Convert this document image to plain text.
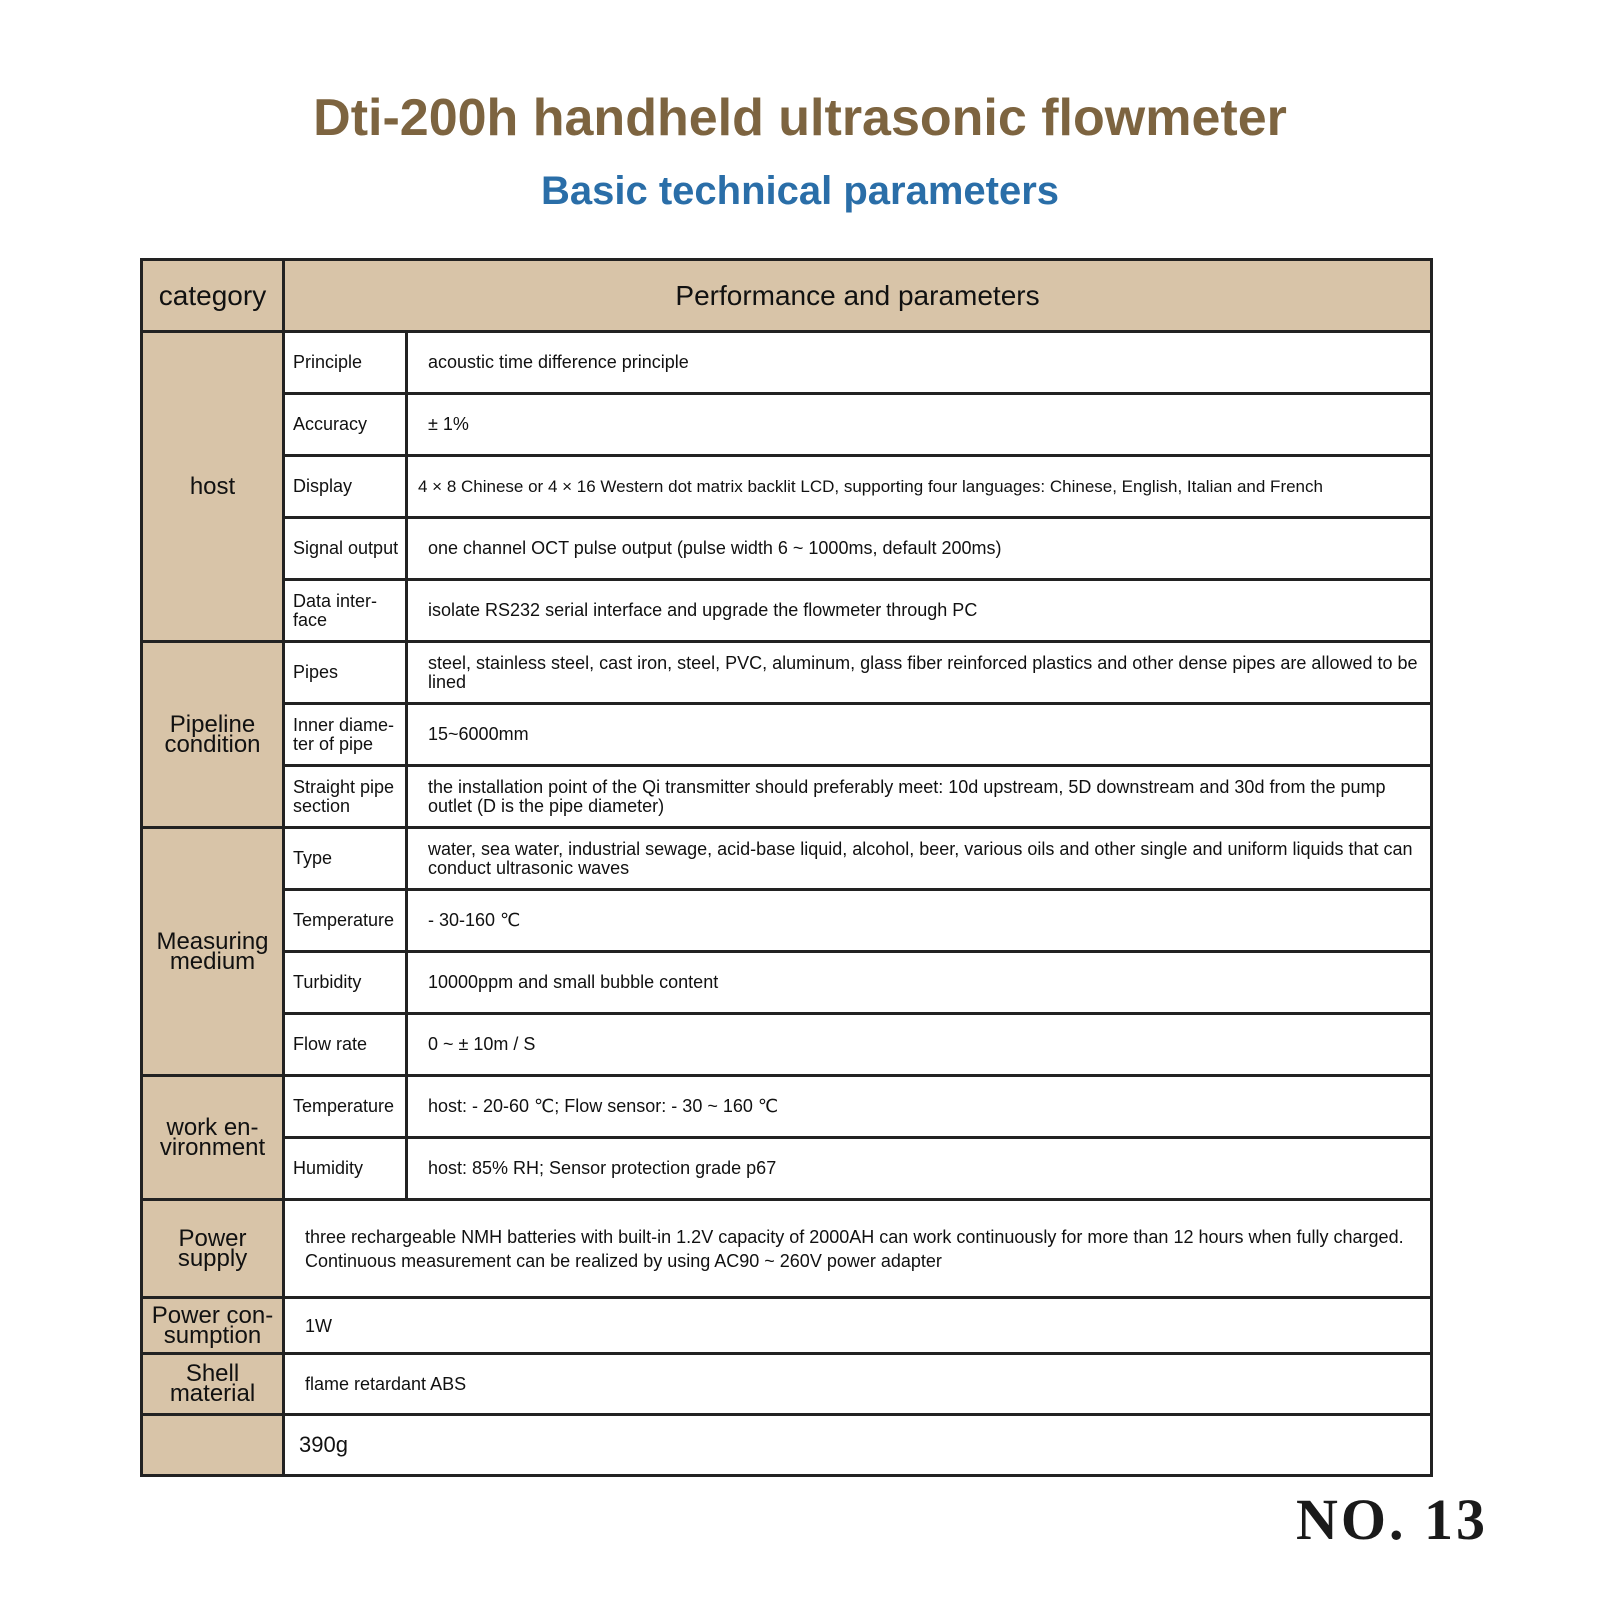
Dti-200h handheld ultrasonic flowmeter
Basic technical parameters
category	Performance and parameters	

host	Principle	acoustic time difference principle
	Accuracy	± 1%
	Display	4 × 8 Chinese or 4 × 16 Western dot matrix backlit LCD, supporting four languages: Chinese, English, Italian and French
	Signal output	one channel OCT pulse output (pulse width 6 ~ 1000ms, default 200ms)
	Data inter-face	isolate RS232 serial interface and upgrade the flowmeter through PC

Pipeline condition	Pipes	steel, stainless steel, cast iron, steel, PVC, aluminum, glass fiber reinforced plastics and other dense pipes are allowed to be lined
	Inner diame-ter of pipe	15~6000mm
	Straight pipe section	the installation point of the Qi transmitter should preferably meet: 10d upstream, 5D downstream and 30d from the pump outlet (D is the pipe diameter)

Measuring medium	Type	water, sea water, industrial sewage, acid-base liquid, alcohol, beer, various oils and other single and uniform liquids that can conduct ultrasonic waves
	Temperature	- 30-160 ℃
	Turbidity	10000ppm and small bubble content
	Flow rate	0 ~ ± 10m / S

work en-vironment	Temperature	host: - 20-60 ℃; Flow sensor: - 30 ~ 160 ℃
	Humidity	host: 85% RH; Sensor protection grade p67

Power supply	three rechargeable NMH batteries with built-in 1.2V capacity of 2000AH can work continuously for more than 12 hours when fully charged. Continuous measurement can be realized by using AC90 ~ 260V power adapter	

Power con-sumption	1W	

Shell material	flame retardant ABS	

	390g	
NO. 13
